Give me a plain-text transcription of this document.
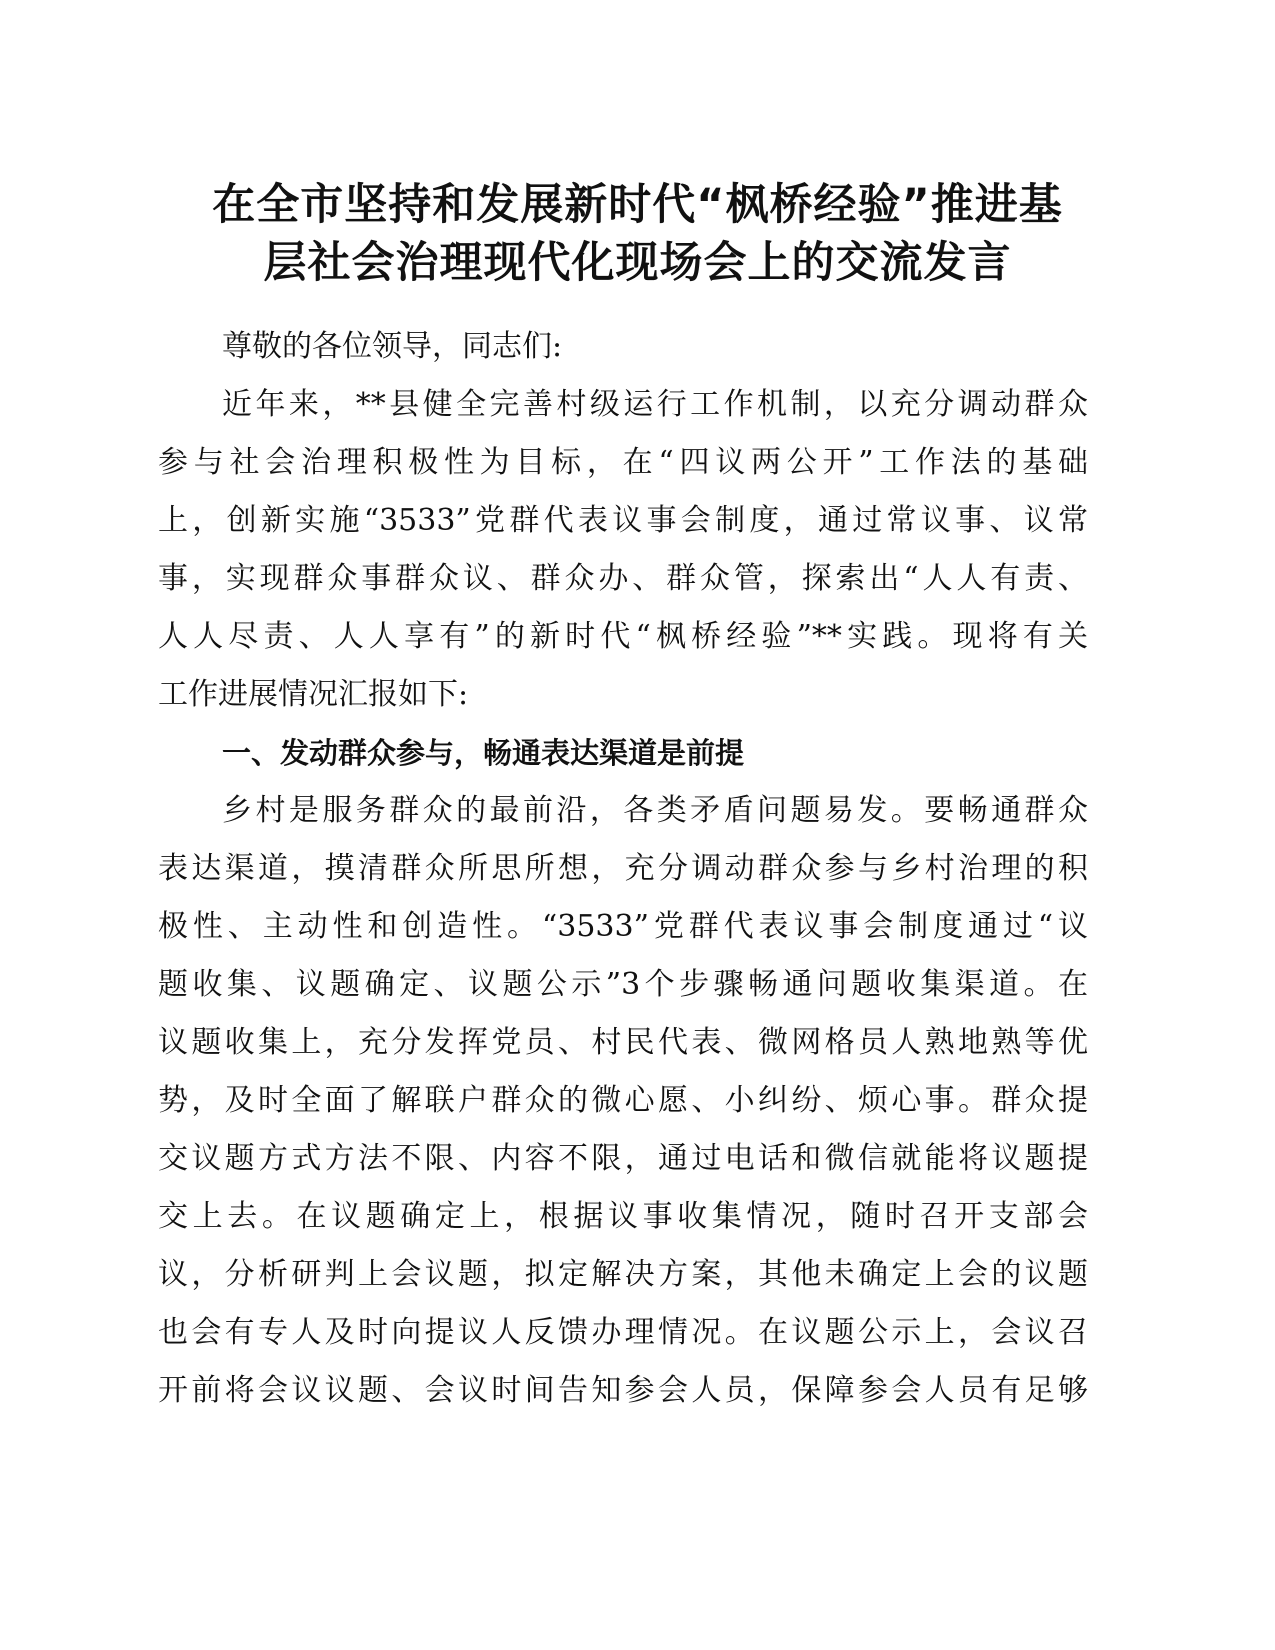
在全市坚持和发展新时代“枫桥经验”推进基
层社会治理现代化现场会上的交流发言
尊敬的各位领导，同志们:
近年来，**县健全完善村级运行工作机制，以充分调动群众
参与社会治理积极性为目标，在“四议两公开”工作法的基础
上，创新实施“3533”党群代表议事会制度，通过常议事、议常
事，实现群众事群众议、群众办、群众管，探索出“人人有责、
人人尽责、人人享有”的新时代“枫桥经验”**实践。现将有关
工作进展情况汇报如下:
一、发动群众参与，畅通表达渠道是前提
乡村是服务群众的最前沿，各类矛盾问题易发。要畅通群众
表达渠道，摸清群众所思所想，充分调动群众参与乡村治理的积
极性、主动性和创造性。“3533”党群代表议事会制度通过“议
题收集、议题确定、议题公示”3个步骤畅通问题收集渠道。在
议题收集上，充分发挥党员、村民代表、微网格员人熟地熟等优
势，及时全面了解联户群众的微心愿、小纠纷、烦心事。群众提
交议题方式方法不限、内容不限，通过电话和微信就能将议题提
交上去。在议题确定上，根据议事收集情况，随时召开支部会
议，分析研判上会议题，拟定解决方案，其他未确定上会的议题
也会有专人及时向提议人反馈办理情况。在议题公示上，会议召
开前将会议议题、会议时间告知参会人员，保障参会人员有足够
